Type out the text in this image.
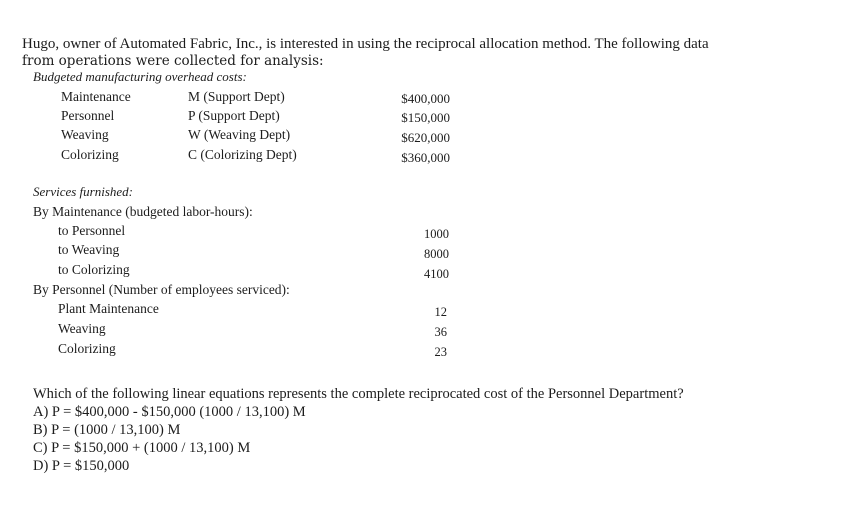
Hugo, owner of Automated Fabric, Inc., is interested in using the reciprocal allocation method. The following data
from operations were collected for analysis:
Budgeted manufacturing overhead costs:
Maintenance	M (Support Dept)	$400,000
Personnel	P (Support Dept)	$150,000
Weaving	W (Weaving Dept)	$620,000
Colorizing	C (Colorizing Dept)	$360,000
Services furnished:
By Maintenance (budgeted labor-hours):
to Personnel	1000
to Weaving	8000
to Colorizing	4100
By Personnel (Number of employees serviced):
Plant Maintenance	12
Weaving	36
Colorizing	23
Which of the following linear equations represents the complete reciprocated cost of the Personnel Department?
A) P = $400,000 - $150,000 (1000 / 13,100) M
B) P = (1000 / 13,100) M
C) P = $150,000 + (1000 / 13,100) M
D) P = $150,000
